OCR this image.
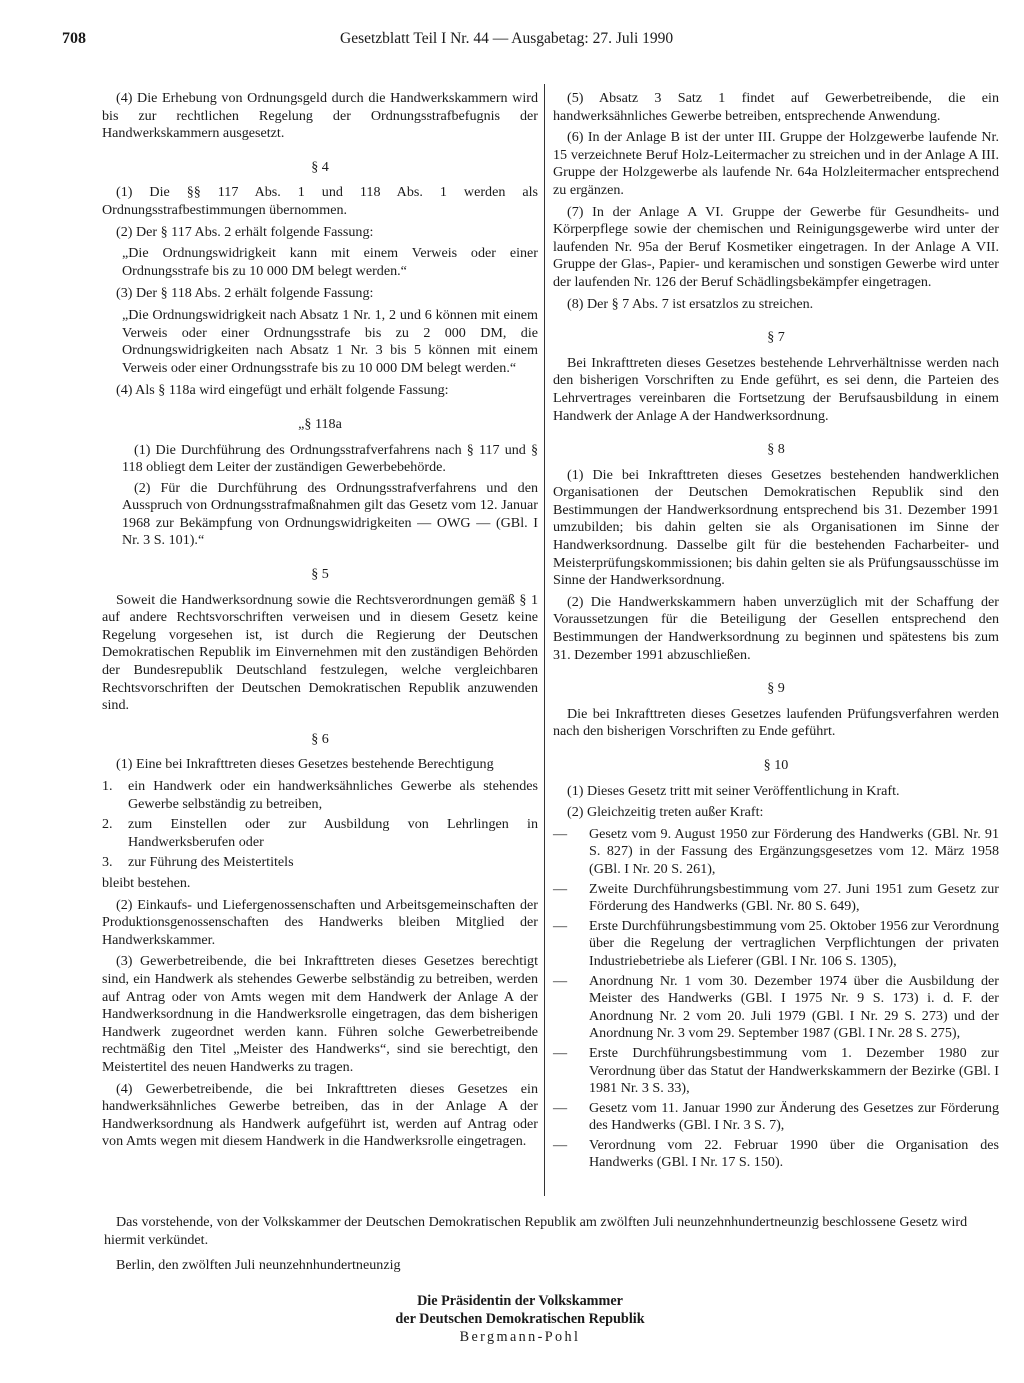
708	Gesetzblatt Teil I Nr. 44 — Ausgabetag: 27. Juli 1990

(4) Die Erhebung von Ordnungsgeld durch die Handwerkskammern wird bis zur rechtlichen Regelung der Ordnungsstrafbefugnis der Handwerkskammern ausgesetzt.

§ 4

(1) Die §§ 117 Abs. 1 und 118 Abs. 1 werden als Ordnungsstrafbestimmungen übernommen.

(2) Der § 117 Abs. 2 erhält folgende Fassung:

„Die Ordnungswidrigkeit kann mit einem Verweis oder einer Ordnungsstrafe bis zu 10 000 DM belegt werden.“

(3) Der § 118 Abs. 2 erhält folgende Fassung:

„Die Ordnungswidrigkeit nach Absatz 1 Nr. 1, 2 und 6 können mit einem Verweis oder einer Ordnungsstrafe bis zu 2 000 DM, die Ordnungswidrigkeiten nach Absatz 1 Nr. 3 bis 5 können mit einem Verweis oder einer Ordnungsstrafe bis zu 10 000 DM belegt werden.“

(4) Als § 118a wird eingefügt und erhält folgende Fassung:

„§ 118a

(1) Die Durchführung des Ordnungsstrafverfahrens nach § 117 und § 118 obliegt dem Leiter der zuständigen Gewerbebehörde.

(2) Für die Durchführung des Ordnungsstrafverfahrens und den Ausspruch von Ordnungsstrafmaßnahmen gilt das Gesetz vom 12. Januar 1968 zur Bekämpfung von Ordnungswidrigkeiten — OWG — (GBl. I Nr. 3 S. 101).“

§ 5

Soweit die Handwerksordnung sowie die Rechtsverordnungen gemäß § 1 auf andere Rechtsvorschriften verweisen und in diesem Gesetz keine Regelung vorgesehen ist, ist durch die Regierung der Deutschen Demokratischen Republik im Einvernehmen mit den zuständigen Behörden der Bundesrepublik Deutschland festzulegen, welche vergleichbaren Rechtsvorschriften der Deutschen Demokratischen Republik anzuwenden sind.

§ 6

(1) Eine bei Inkrafttreten dieses Gesetzes bestehende Berechtigung

1.	ein Handwerk oder ein handwerksähnliches Gewerbe als stehendes Gewerbe selbständig zu betreiben,
2.	zum Einstellen oder zur Ausbildung von Lehrlingen in Handwerksberufen oder
3.	zur Führung des Meistertitels

bleibt bestehen.

(2) Einkaufs- und Liefergenossenschaften und Arbeitsgemeinschaften der Produktionsgenossenschaften des Handwerks bleiben Mitglied der Handwerkskammer.

(3) Gewerbetreibende, die bei Inkrafttreten dieses Gesetzes berechtigt sind, ein Handwerk als stehendes Gewerbe selbständig zu betreiben, werden auf Antrag oder von Amts wegen mit dem Handwerk der Anlage A der Handwerksordnung in die Handwerksrolle eingetragen, das dem bisherigen Handwerk zugeordnet werden kann. Führen solche Gewerbetreibende rechtmäßig den Titel „Meister des Handwerks“, sind sie berechtigt, den Meistertitel des neuen Handwerks zu tragen.

(4) Gewerbetreibende, die bei Inkrafttreten dieses Gesetzes ein handwerksähnliches Gewerbe betreiben, das in der Anlage A der Handwerksordnung als Handwerk aufgeführt ist, werden auf Antrag oder von Amts wegen mit diesem Handwerk in die Handwerksrolle eingetragen.

(5) Absatz 3 Satz 1 findet auf Gewerbetreibende, die ein handwerksähnliches Gewerbe betreiben, entsprechende Anwendung.

(6) In der Anlage B ist der unter III. Gruppe der Holzgewerbe laufende Nr. 15 verzeichnete Beruf Holz-Leitermacher zu streichen und in der Anlage A III. Gruppe der Holzgewerbe als laufende Nr. 64a Holzleitermacher entsprechend zu ergänzen.

(7) In der Anlage A VI. Gruppe der Gewerbe für Gesundheits- und Körperpflege sowie der chemischen und Reinigungsgewerbe wird unter der laufenden Nr. 95a der Beruf Kosmetiker eingetragen. In der Anlage A VII. Gruppe der Glas-, Papier- und keramischen und sonstigen Gewerbe wird unter der laufenden Nr. 126 der Beruf Schädlingsbekämpfer eingetragen.

(8) Der § 7 Abs. 7 ist ersatzlos zu streichen.

§ 7

Bei Inkrafttreten dieses Gesetzes bestehende Lehrverhältnisse werden nach den bisherigen Vorschriften zu Ende geführt, es sei denn, die Parteien des Lehrvertrages vereinbaren die Fortsetzung der Berufsausbildung in einem Handwerk der Anlage A der Handwerksordnung.

§ 8

(1) Die bei Inkrafttreten dieses Gesetzes bestehenden handwerklichen Organisationen der Deutschen Demokratischen Republik sind den Bestimmungen der Handwerksordnung entsprechend bis 31. Dezember 1991 umzubilden; bis dahin gelten sie als Organisationen im Sinne der Handwerksordnung. Dasselbe gilt für die bestehenden Facharbeiter- und Meisterprüfungskommissionen; bis dahin gelten sie als Prüfungsausschüsse im Sinne der Handwerksordnung.

(2) Die Handwerkskammern haben unverzüglich mit der Schaffung der Voraussetzungen für die Beteiligung der Gesellen entsprechend den Bestimmungen der Handwerksordnung zu beginnen und spätestens bis zum 31. Dezember 1991 abzuschließen.

§ 9

Die bei Inkrafttreten dieses Gesetzes laufenden Prüfungsverfahren werden nach den bisherigen Vorschriften zu Ende geführt.

§ 10

(1) Dieses Gesetz tritt mit seiner Veröffentlichung in Kraft.

(2) Gleichzeitig treten außer Kraft:

—	Gesetz vom 9. August 1950 zur Förderung des Handwerks (GBl. Nr. 91 S. 827) in der Fassung des Ergänzungsgesetzes vom 12. März 1958 (GBl. I Nr. 20 S. 261),
—	Zweite Durchführungsbestimmung vom 27. Juni 1951 zum Gesetz zur Förderung des Handwerks (GBl. Nr. 80 S. 649),
—	Erste Durchführungsbestimmung vom 25. Oktober 1956 zur Verordnung über die Regelung der vertraglichen Verpflichtungen der privaten Industriebetriebe als Lieferer (GBl. I Nr. 106 S. 1305),
—	Anordnung Nr. 1 vom 30. Dezember 1974 über die Ausbildung der Meister des Handwerks (GBl. I 1975 Nr. 9 S. 173) i. d. F. der Anordnung Nr. 2 vom 20. Juli 1979 (GBl. I Nr. 29 S. 273) und der Anordnung Nr. 3 vom 29. September 1987 (GBl. I Nr. 28 S. 275),
—	Erste Durchführungsbestimmung vom 1. Dezember 1980 zur Verordnung über das Statut der Handwerkskammern der Bezirke (GBl. I 1981 Nr. 3 S. 33),
—	Gesetz vom 11. Januar 1990 zur Änderung des Gesetzes zur Förderung des Handwerks (GBl. I Nr. 3 S. 7),
—	Verordnung vom 22. Februar 1990 über die Organisation des Handwerks (GBl. I Nr. 17 S. 150).

Das vorstehende, von der Volkskammer der Deutschen Demokratischen Republik am zwölften Juli neunzehnhundertneunzig beschlossene Gesetz wird hiermit verkündet.

Berlin, den zwölften Juli neunzehnhundertneunzig

Die Präsidentin der Volkskammer
der Deutschen Demokratischen Republik
Bergmann-Pohl
